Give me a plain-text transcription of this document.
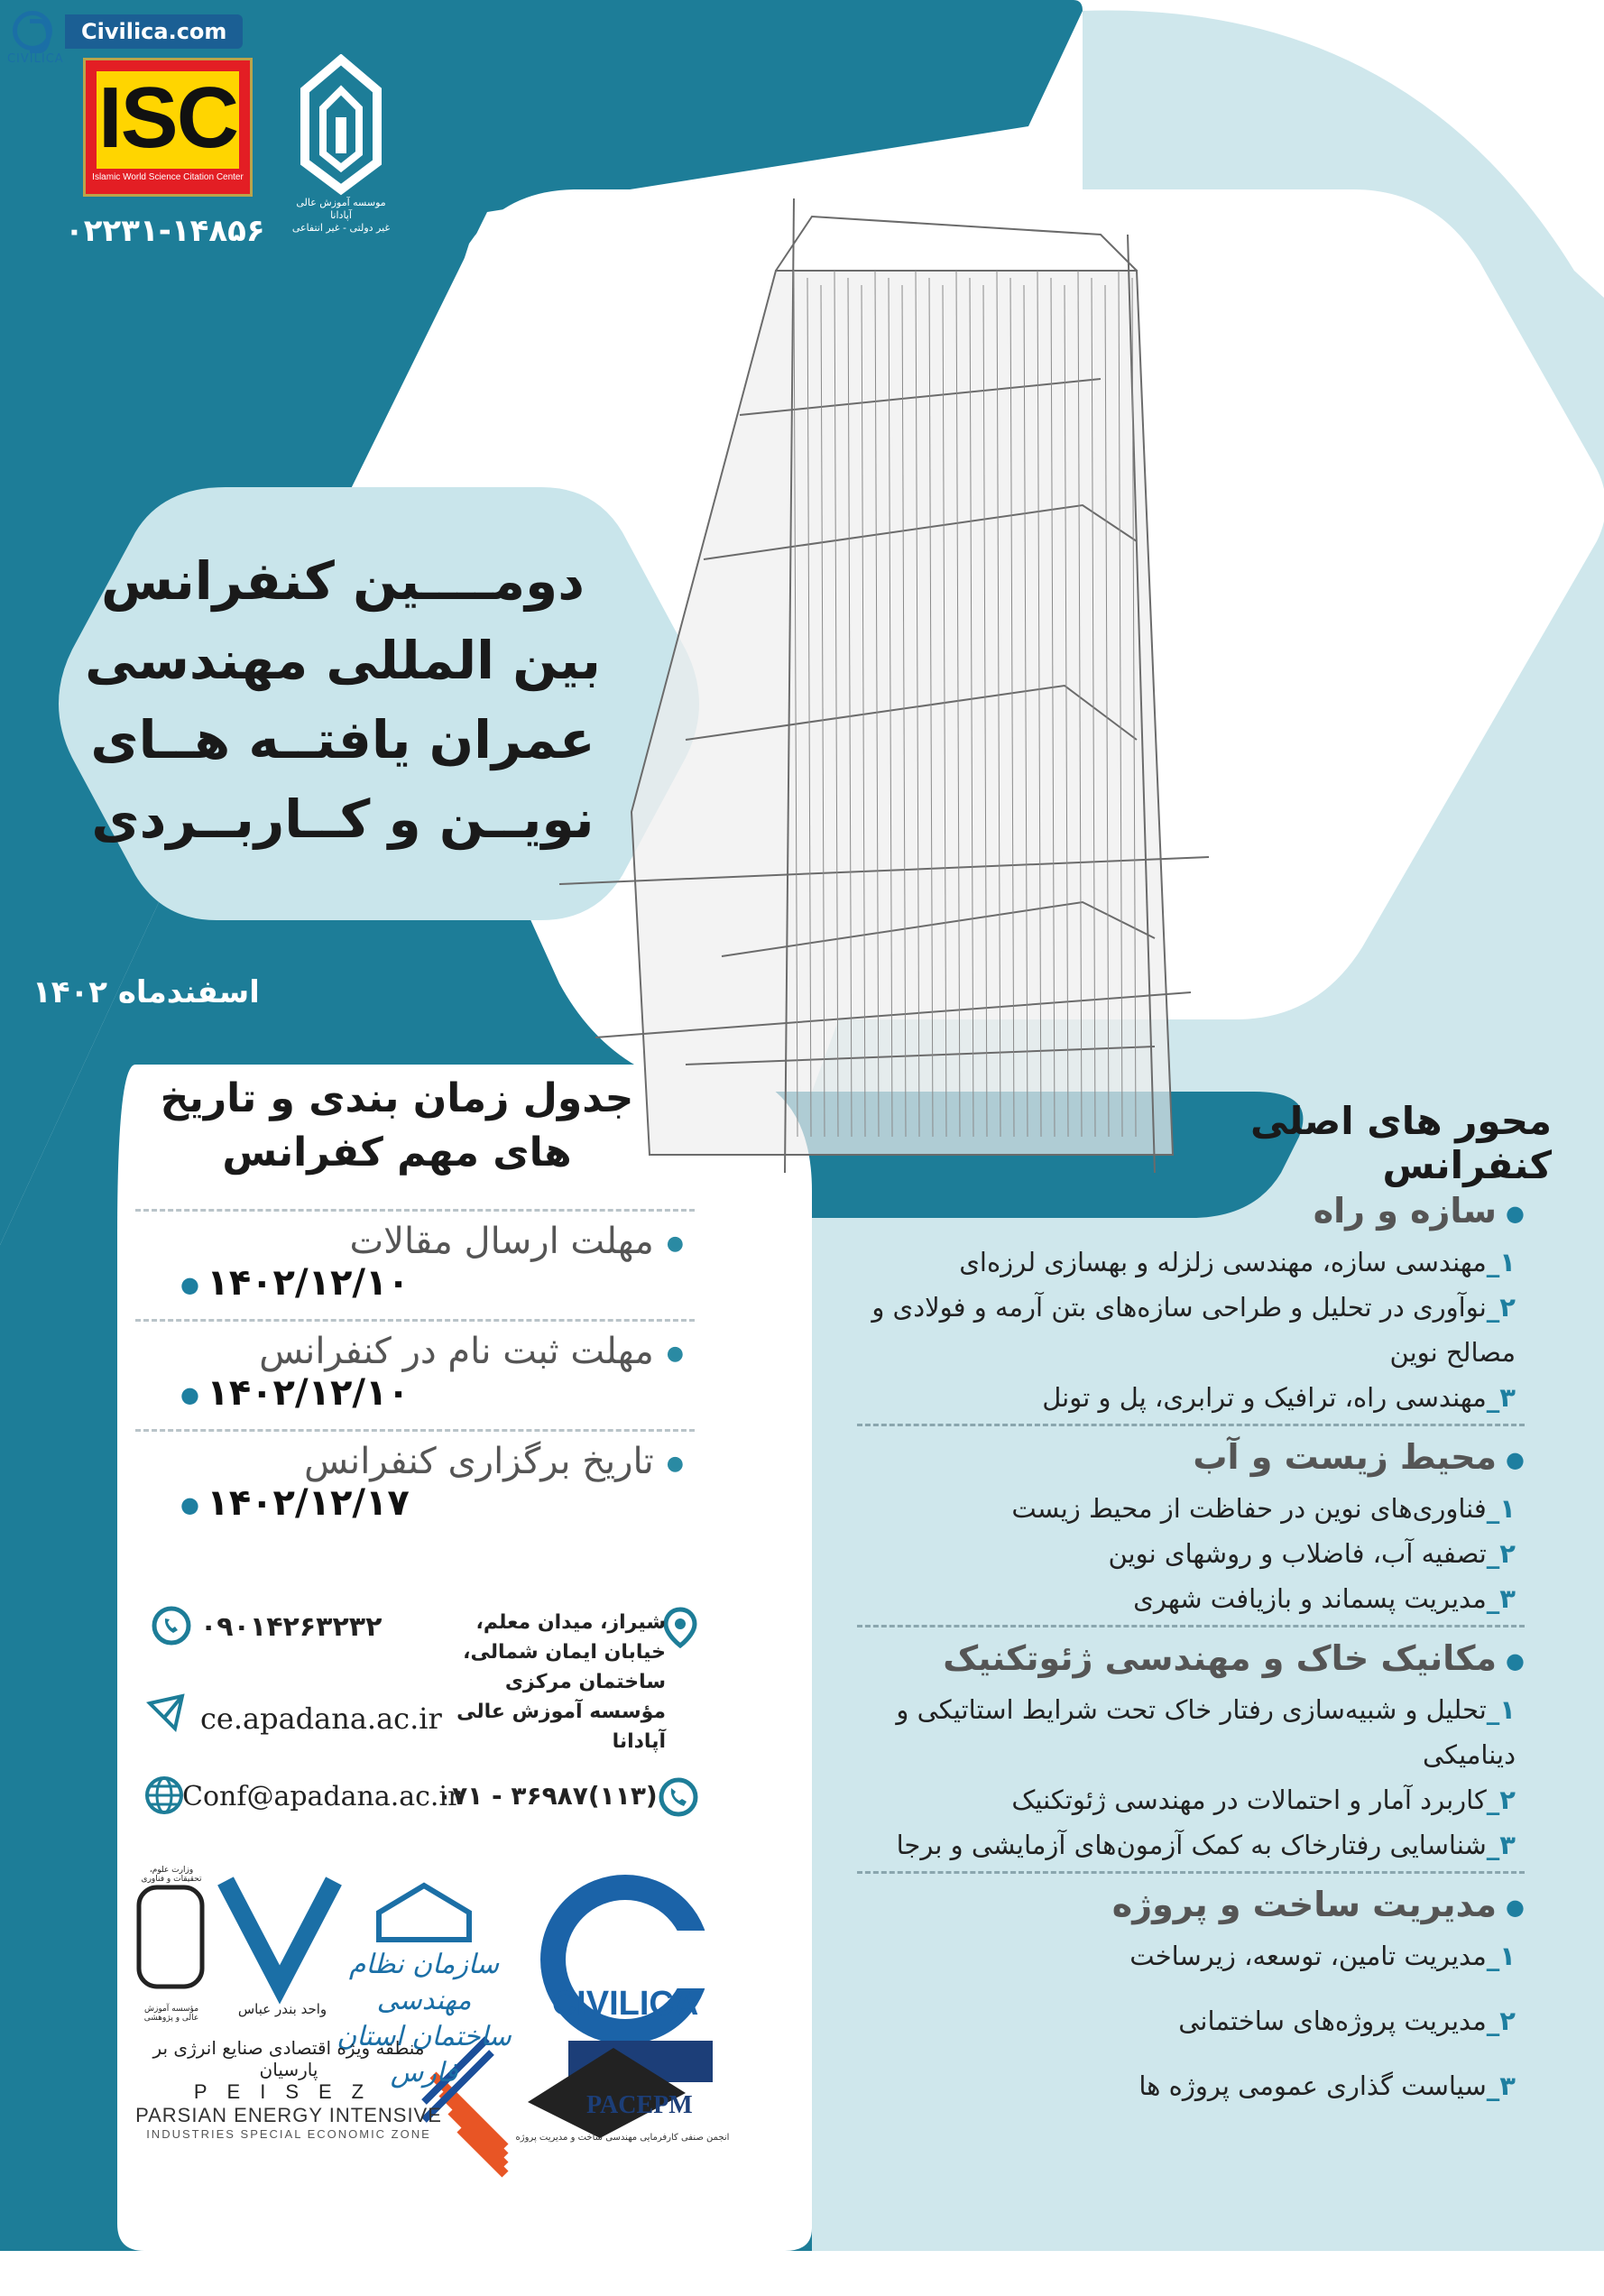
Civilica.com
CIVILICA
ISC
Islamic World Science Citation Center
۰۲۲۳۱-۱۴۸۵۶
موسسه آموزش عالی آپادانا
غیر دولتی - غیر انتفاعی
دومــــین کنفرانس بین المللی مهندسی عمران یافتــه هــای نویــن و کــاربــردی
اسفندماه ۱۴۰۲
جدول زمان بندی و تاریخ های مهم کفرانس
● مهلت ارسال مقالات
● ۱۴۰۲/۱۲/۱۰
● مهلت ثبت نام در کنفرانس
● ۱۴۰۲/۱۲/۱۰
● تاریخ برگزاری کنفرانس
● ۱۴۰۲/۱۲/۱۷
شیراز، میدان معلم، خیابان ایمان شمالی، ساختمان مرکزی مؤسسه آموزش عالی آپادانا
۰۹۰۱۴۲۶۳۲۳۲
ce.apadana.ac.ir
Conf@apadana.ac.ir
۰۷۱ - ۳۶۹۸۷(۱۱۳)
CIVILICA
سازمان نظام مهندسی ساختمان استان فارس
واحد بندر عباس
وزارت علوم، تحقیقات و فناوری
مؤسسه آموزش عالی و پژوهشی
منطقه ویژه اقتصادی صنایع انرژی بر پارسیان
PEISEZ
PARSIAN ENERGY INTENSIVE
INDUSTRIES SPECIAL ECONOMIC ZONE
PACEPM
انجمن صنفی کارفرمایی مهندسی ساخت و مدیریت پروژه
محور های اصلی کنفرانس
● سازه و راه
۱_مهندسی سازه، مهندسی زلزله و بهسازی لرزه‌ای
۲_نوآوری در تحلیل و طراحی سازه‌های بتن آرمه و فولادی و مصالح نوین
۳_مهندسی راه، ترافیک و ترابری، پل و تونل
● محیط زیست و آب
۱_فناوری‌های نوین در حفاظت از محیط زیست
۲_تصفیه آب، فاضلاب و روشهای نوین
۳_مدیریت پسماند و بازیافت شهری
● مکانیک خاک و مهندسی ژئوتکنیک
۱_تحلیل و شبیه‌سازی رفتار خاک تحت شرایط استاتیکی و دینامیکی
۲_کاربرد آمار و احتمالات در مهندسی ژئوتکنیک
۳_شناسایی رفتارخاک به کمک آزمون‌های آزمایشی و برجا
● مدیریت ساخت و پروژه
۱_مدیریت تامین، توسعه، زیرساخت
۲_مدیریت پروژه‌های ساختمانی
۳_سیاست گذاری عمومی پروژه ها
